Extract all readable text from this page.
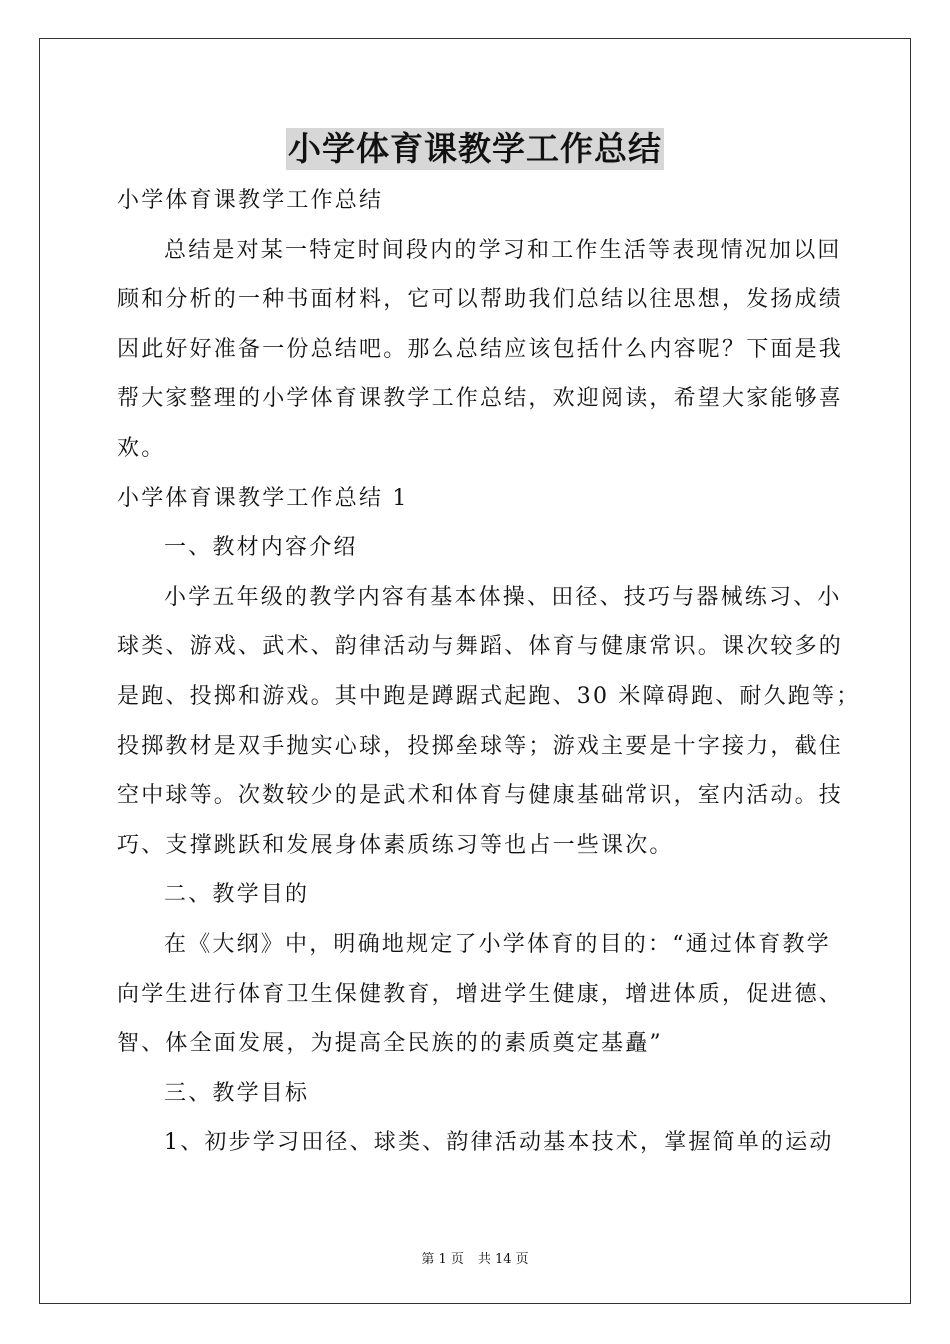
小学体育课教学工作总结
小学体育课教学工作总结
总结是对某一特定时间段内的学习和工作生活等表现情况加以回
顾和分析的一种书面材料，它可以帮助我们总结以往思想，发扬成绩
因此好好准备一份总结吧。那么总结应该包括什么内容呢？下面是我
帮大家整理的小学体育课教学工作总结，欢迎阅读，希望大家能够喜
欢。
小学体育课教学工作总结 1
一、教材内容介绍
小学五年级的教学内容有基本体操、田径、技巧与器械练习、小
球类、游戏、武术、韵律活动与舞蹈、体育与健康常识。课次较多的
是跑、投掷和游戏。其中跑是蹲踞式起跑、30 米障碍跑、耐久跑等；
投掷教材是双手抛实心球，投掷垒球等；游戏主要是十字接力，截住
空中球等。次数较少的是武术和体育与健康基础常识，室内活动。技
巧、支撑跳跃和发展身体素质练习等也占一些课次。
二、教学目的
在《大纲》中，明确地规定了小学体育的目的：“通过体育教学
向学生进行体育卫生保健教育，增进学生健康，增进体质，促进德、
智、体全面发展，为提高全民族的的素质奠定基矗”
三、教学目标
1、初步学习田径、球类、韵律活动基本技术，掌握简单的运动
第 1 页 共 14 页
